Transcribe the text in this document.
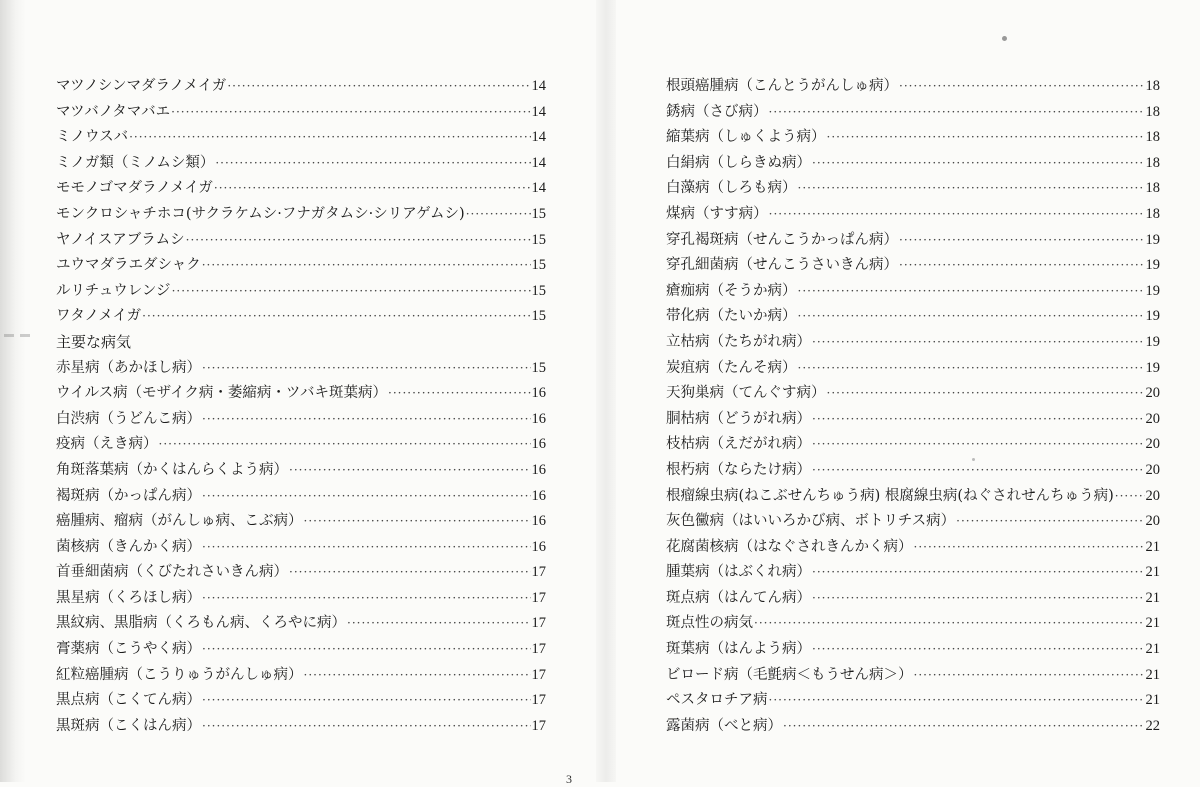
マツノシンマダラノメイガ ·····	14
マツバノタマバエ ·····	14
ミノウスバ ·····	14
ミノガ類（ミノムシ類） ·····	14
モモノゴマダラノメイガ ·····	14
モンクロシャチホコ(サクラケムシ·フナガタムシ·シリアゲムシ) ·····	15
ヤノイスアブラムシ ·····	15
ユウマダラエダシャク ·····	15
ルリチュウレンジ ·····	15
ワタノメイガ ·····	15
主要な病気
赤星病（あかほし病） ·····	15
ウイルス病（モザイク病・萎縮病・ツバキ斑葉病） ·····	16
白渋病（うどんこ病） ·····	16
疫病（えき病） ·····	16
角斑落葉病（かくはんらくよう病） ·····	16
褐斑病（かっぱん病） ·····	16
癌腫病、瘤病（がんしゅ病、こぶ病） ·····	16
菌核病（きんかく病） ·····	16
首垂細菌病（くびたれさいきん病） ·····	17
黒星病（くろほし病） ·····	17
黒紋病、黒脂病（くろもん病、くろやに病） ·····	17
膏薬病（こうやく病） ·····	17
紅粒癌腫病（こうりゅうがんしゅ病） ·····	17
黒点病（こくてん病） ·····	17
黒斑病（こくはん病） ·····	17
根頭癌腫病（こんとうがんしゅ病） ·····	18
銹病（さび病） ·····	18
縮葉病（しゅくよう病） ·····	18
白絹病（しらきぬ病） ·····	18
白藻病（しろも病） ·····	18
煤病（すす病） ·····	18
穿孔褐斑病（せんこうかっぱん病） ·····	19
穿孔細菌病（せんこうさいきん病） ·····	19
瘡痂病（そうか病） ·····	19
帯化病（たいか病） ·····	19
立枯病（たちがれ病） ·····	19
炭疽病（たんそ病） ·····	19
天狗巣病（てんぐす病） ·····	20
胴枯病（どうがれ病） ·····	20
枝枯病（えだがれ病） ·····	20
根朽病（ならたけ病） ·····	20
根瘤線虫病(ねこぶせんちゅう病) 根腐線虫病(ねぐされせんちゅう病) ····· 20
灰色黴病（はいいろかび病、ボトリチス病） ·····	20
花腐菌核病（はなぐされきんかく病） ·····	21
腫葉病（はぶくれ病） ·····	21
斑点病（はんてん病） ·····	21
斑点性の病気 ·····	21
斑葉病（はんよう病） ·····	21
ビロード病（毛氈病＜もうせん病＞） ·····	21
ペスタロチア病 ·····	21
露菌病（べと病） ·····	22
3
